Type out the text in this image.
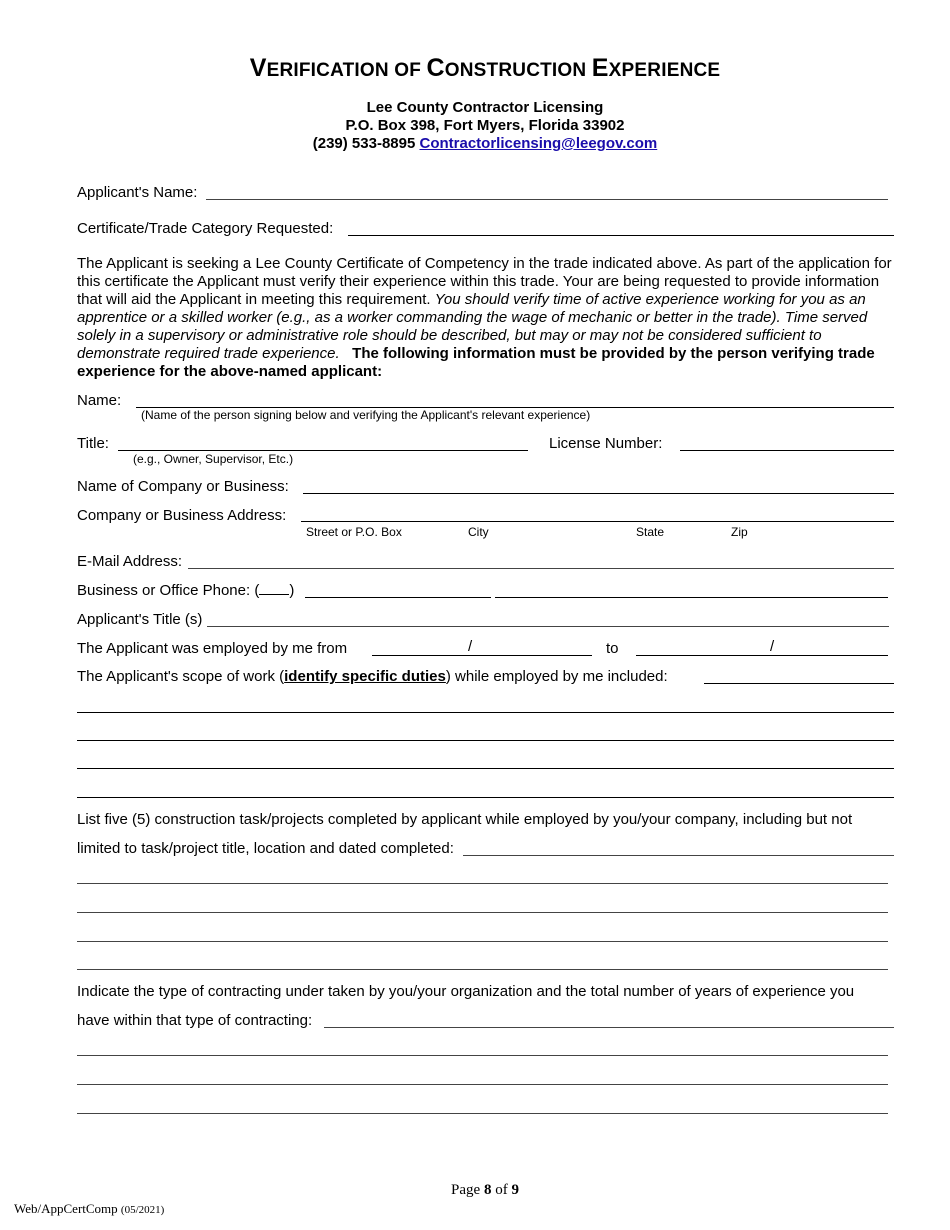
VERIFICATION OF CONSTRUCTION EXPERIENCE
Lee County Contractor Licensing
P.O. Box 398, Fort Myers, Florida 33902
(239) 533-8895 Contractorlicensing@leegov.com
Applicant's Name:
Certificate/Trade Category Requested:
The Applicant is seeking a Lee County Certificate of Competency in the trade indicated above. As part of the application for this certificate the Applicant must verify their experience within this trade. Your are being requested to provide information that will aid the Applicant in meeting this requirement. You should verify time of active experience working for you as an apprentice or a skilled worker (e.g., as a worker commanding the wage of mechanic or better in the trade). Time served solely in a supervisory or administrative role should be described, but may or may not be considered sufficient to demonstrate required trade experience. The following information must be provided by the person verifying trade experience for the above-named applicant:
Name:
(Name of the person signing below and verifying the Applicant's relevant experience)
Title:
(e.g., Owner, Supervisor, Etc.)
License Number:
Name of Company or Business:
Company or Business Address:
Street or P.O. Box	City	State	Zip
E-Mail Address:
Business or Office Phone: ( )
Applicant's Title (s)
The Applicant was employed by me from	/	to	/
The Applicant's scope of work (identify specific duties) while employed by me included:
List five (5) construction task/projects completed by applicant while employed by you/your company, including but not
limited to task/project title, location and dated completed:
Indicate the type of contracting under taken by you/your organization and the total number of years of experience you
have within that type of contracting:
Page 8 of 9
Web/AppCertComp (05/2021)
